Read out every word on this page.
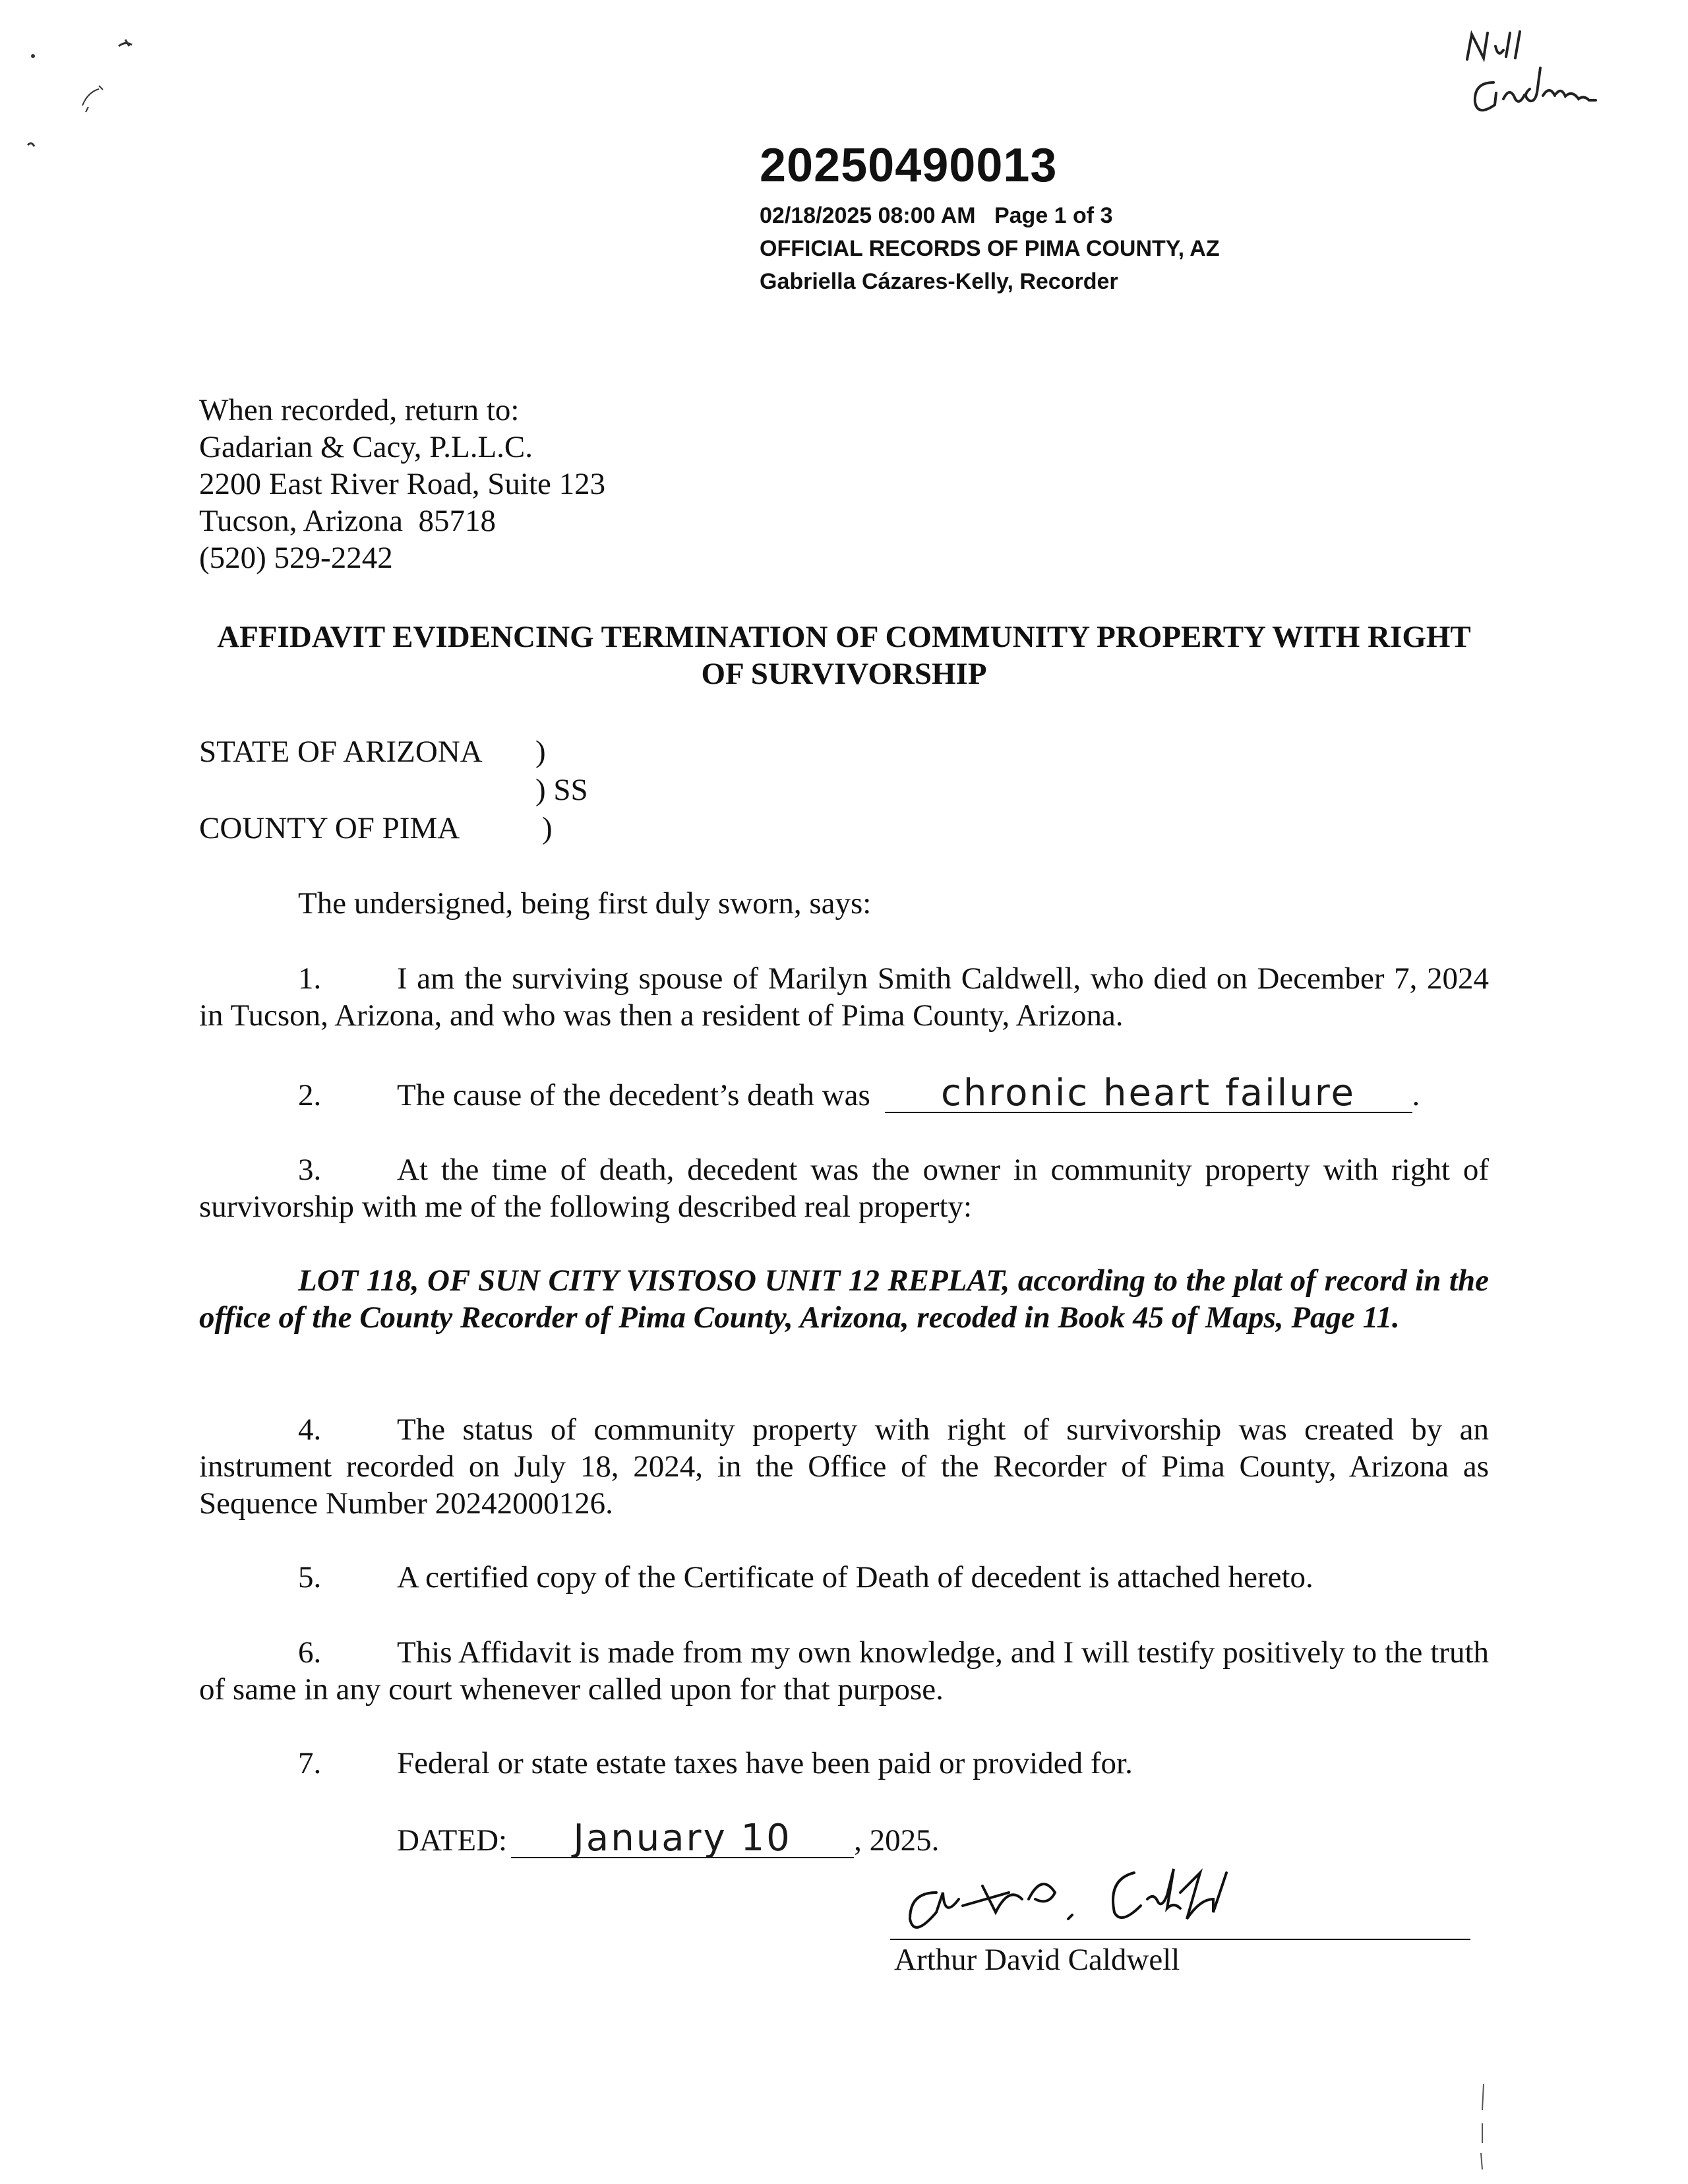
20250490013
02/18/2025 08:00 AM   Page 1 of 3
OFFICIAL RECORDS OF PIMA COUNTY, AZ
Gabriella Cázares-Kelly, Recorder
When recorded, return to:
Gadarian & Cacy, P.L.L.C.
2200 East River Road, Suite 123
Tucson, Arizona  85718
(520) 529-2242
AFFIDAVIT EVIDENCING TERMINATION OF COMMUNITY PROPERTY WITH RIGHT OF SURVIVORSHIP
STATE OF ARIZONA )
) SS
COUNTY OF PIMA	)
The undersigned, being first duly sworn, says:
1. I am the surviving spouse of Marilyn Smith Caldwell, who died on December 7, 2024 in Tucson, Arizona, and who was then a resident of Pima County, Arizona.
2. The cause of the decedent’s death was chronic heart failure .
3. At the time of death, decedent was the owner in community property with right of survivorship with me of the following described real property:
LOT 118, OF SUN CITY VISTOSO UNIT 12 REPLAT, according to the plat of record in the office of the County Recorder of Pima County, Arizona, recoded in Book 45 of Maps, Page 11.
4. The status of community property with right of survivorship was created by an instrument recorded on July 18, 2024, in the Office of the Recorder of Pima County, Arizona as Sequence Number 20242000126.
5. A certified copy of the Certificate of Death of decedent is attached hereto.
6. This Affidavit is made from my own knowledge, and I will testify positively to the truth of same in any court whenever called upon for that purpose.
7. Federal or state estate taxes have been paid or provided for.
DATED: January 10 , 2025.
Arthur David Caldwell
